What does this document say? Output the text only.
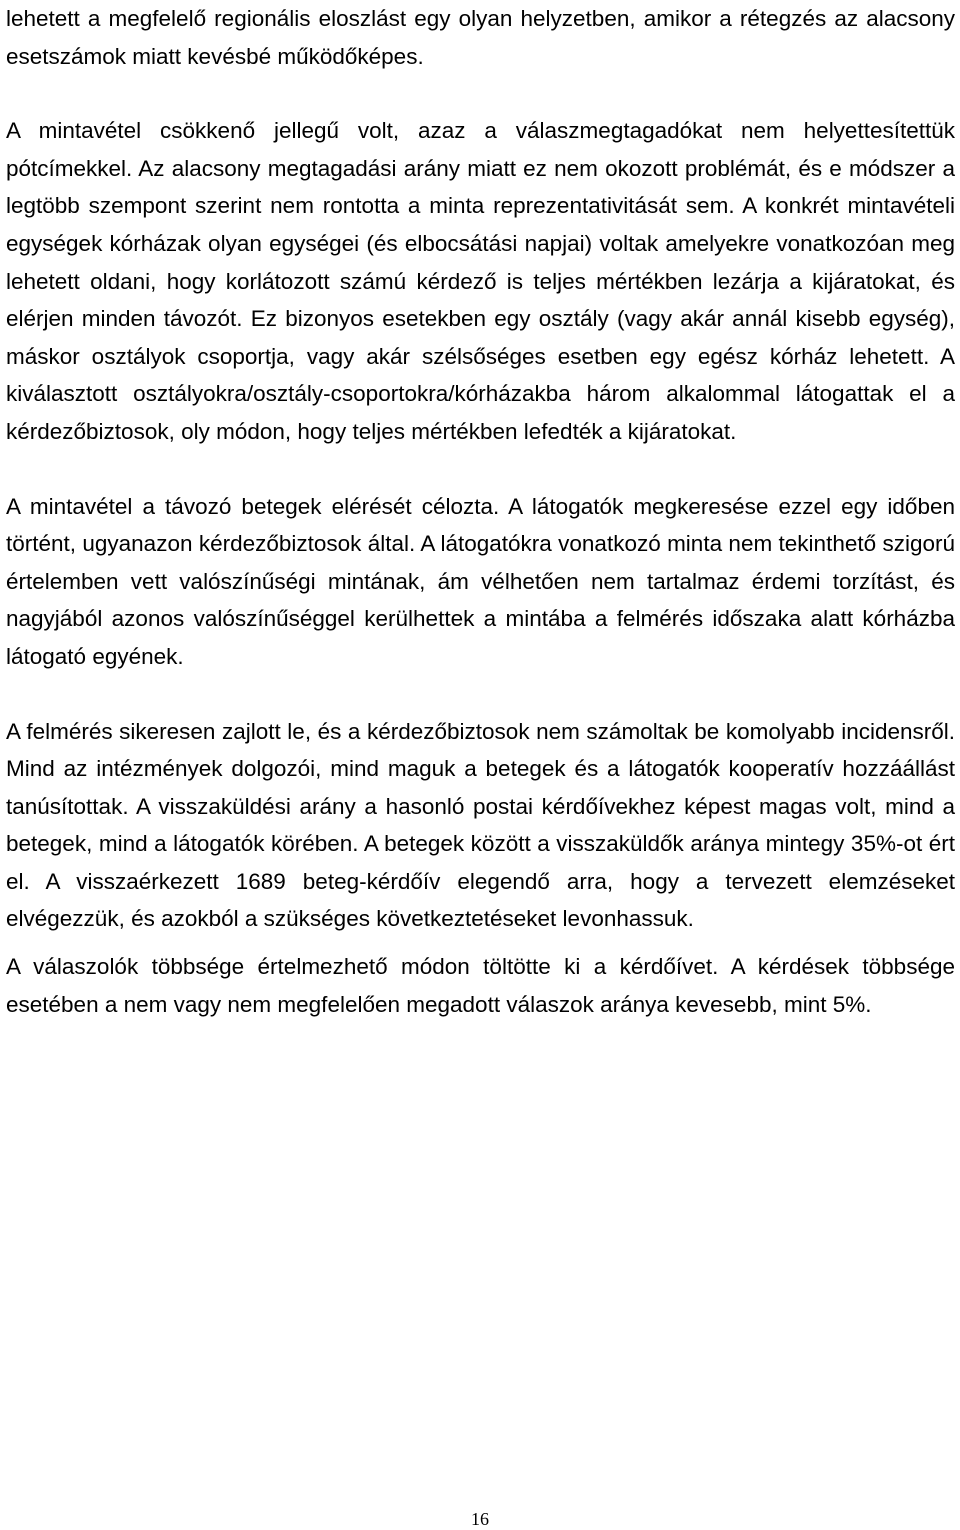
lehetett a megfelelő regionális eloszlást egy olyan helyzetben, amikor a rétegzés az alacsony esetszámok miatt kevésbé működőképes.

A mintavétel csökkenő jellegű volt, azaz a válaszmegtagadókat nem helyettesítettük pótcímekkel. Az alacsony megtagadási arány miatt ez nem okozott problémát, és e módszer a legtöbb szempont szerint nem rontotta a minta reprezentativitását sem. A konkrét mintavételi egységek kórházak olyan egységei (és elbocsátási napjai) voltak amelyekre vonatkozóan meg lehetett oldani, hogy korlátozott számú kérdező is teljes mértékben lezárja a kijáratokat, és elérjen minden távozót. Ez bizonyos esetekben egy osztály (vagy akár annál kisebb egység), máskor osztályok csoportja, vagy akár szélsőséges esetben egy egész kórház lehetett. A kiválasztott osztályokra/osztály-csoportokra/kórházakba három alkalommal látogattak el a kérdezőbiztosok, oly módon, hogy teljes mértékben lefedték a kijáratokat.

A mintavétel a távozó betegek elérését célozta. A látogatók megkeresése ezzel egy időben történt, ugyanazon kérdezőbiztosok által. A látogatókra vonatkozó minta nem tekinthető szigorú értelemben vett valószínűségi mintának, ám vélhetően nem tartalmaz érdemi torzítást, és nagyjából azonos valószínűséggel kerülhettek a mintába a felmérés időszaka alatt kórházba látogató egyének.

A felmérés sikeresen zajlott le, és a kérdezőbiztosok nem számoltak be komolyabb incidensről. Mind az intézmények dolgozói, mind maguk a betegek és a látogatók kooperatív hozzáállást tanúsítottak. A visszaküldési arány a hasonló postai kérdőívekhez képest magas volt, mind a betegek, mind a látogatók körében. A betegek között a visszaküldők aránya mintegy 35%-ot ért el. A visszaérkezett 1689 beteg-kérdőív elegendő arra, hogy a tervezett elemzéseket elvégezzük, és azokból a szükséges következtetéseket levonhassuk.

A válaszolók többsége értelmezhető módon töltötte ki a kérdőívet. A kérdések többsége esetében a nem vagy nem megfelelően megadott válaszok aránya kevesebb, mint 5%.

16
